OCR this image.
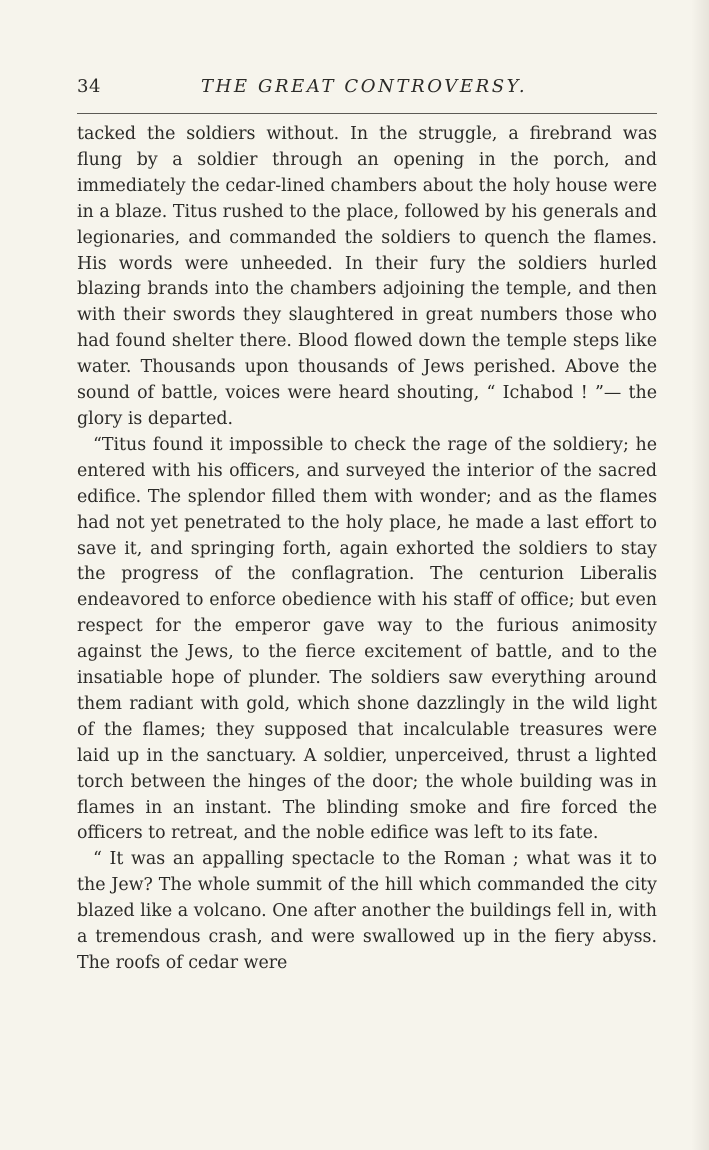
34	THE GREAT CONTROVERSY.

tacked the soldiers without. In the struggle, a firebrand was flung by a soldier through an opening in the porch, and immediately the cedar-lined chambers about the holy house were in a blaze. Titus rushed to the place, followed by his generals and legionaries, and commanded the soldiers to quench the flames. His words were unheeded. In their fury the soldiers hurled blazing brands into the chambers adjoining the temple, and then with their swords they slaughtered in great numbers those who had found shelter there. Blood flowed down the temple steps like water. Thousands upon thousands of Jews perished. Above the sound of battle, voices were heard shouting, “ Ichabod ! ”— the glory is departed.

“Titus found it impossible to check the rage of the soldiery; he entered with his officers, and surveyed the interior of the sacred edifice. The splendor filled them with wonder; and as the flames had not yet penetrated to the holy place, he made a last effort to save it, and springing forth, again exhorted the soldiers to stay the progress of the conflagration. The centurion Liberalis endeavored to enforce obedience with his staff of office; but even respect for the emperor gave way to the furious animosity against the Jews, to the fierce excitement of battle, and to the insatiable hope of plunder. The soldiers saw everything around them radiant with gold, which shone dazzlingly in the wild light of the flames; they supposed that incalculable treasures were laid up in the sanctuary. A soldier, unperceived, thrust a lighted torch between the hinges of the door; the whole building was in flames in an instant. The blinding smoke and fire forced the officers to retreat, and the noble edifice was left to its fate.

“ It was an appalling spectacle to the Roman ; what was it to the Jew? The whole summit of the hill which commanded the city blazed like a volcano. One after another the buildings fell in, with a tremendous crash, and were swallowed up in the fiery abyss. The roofs of cedar were
